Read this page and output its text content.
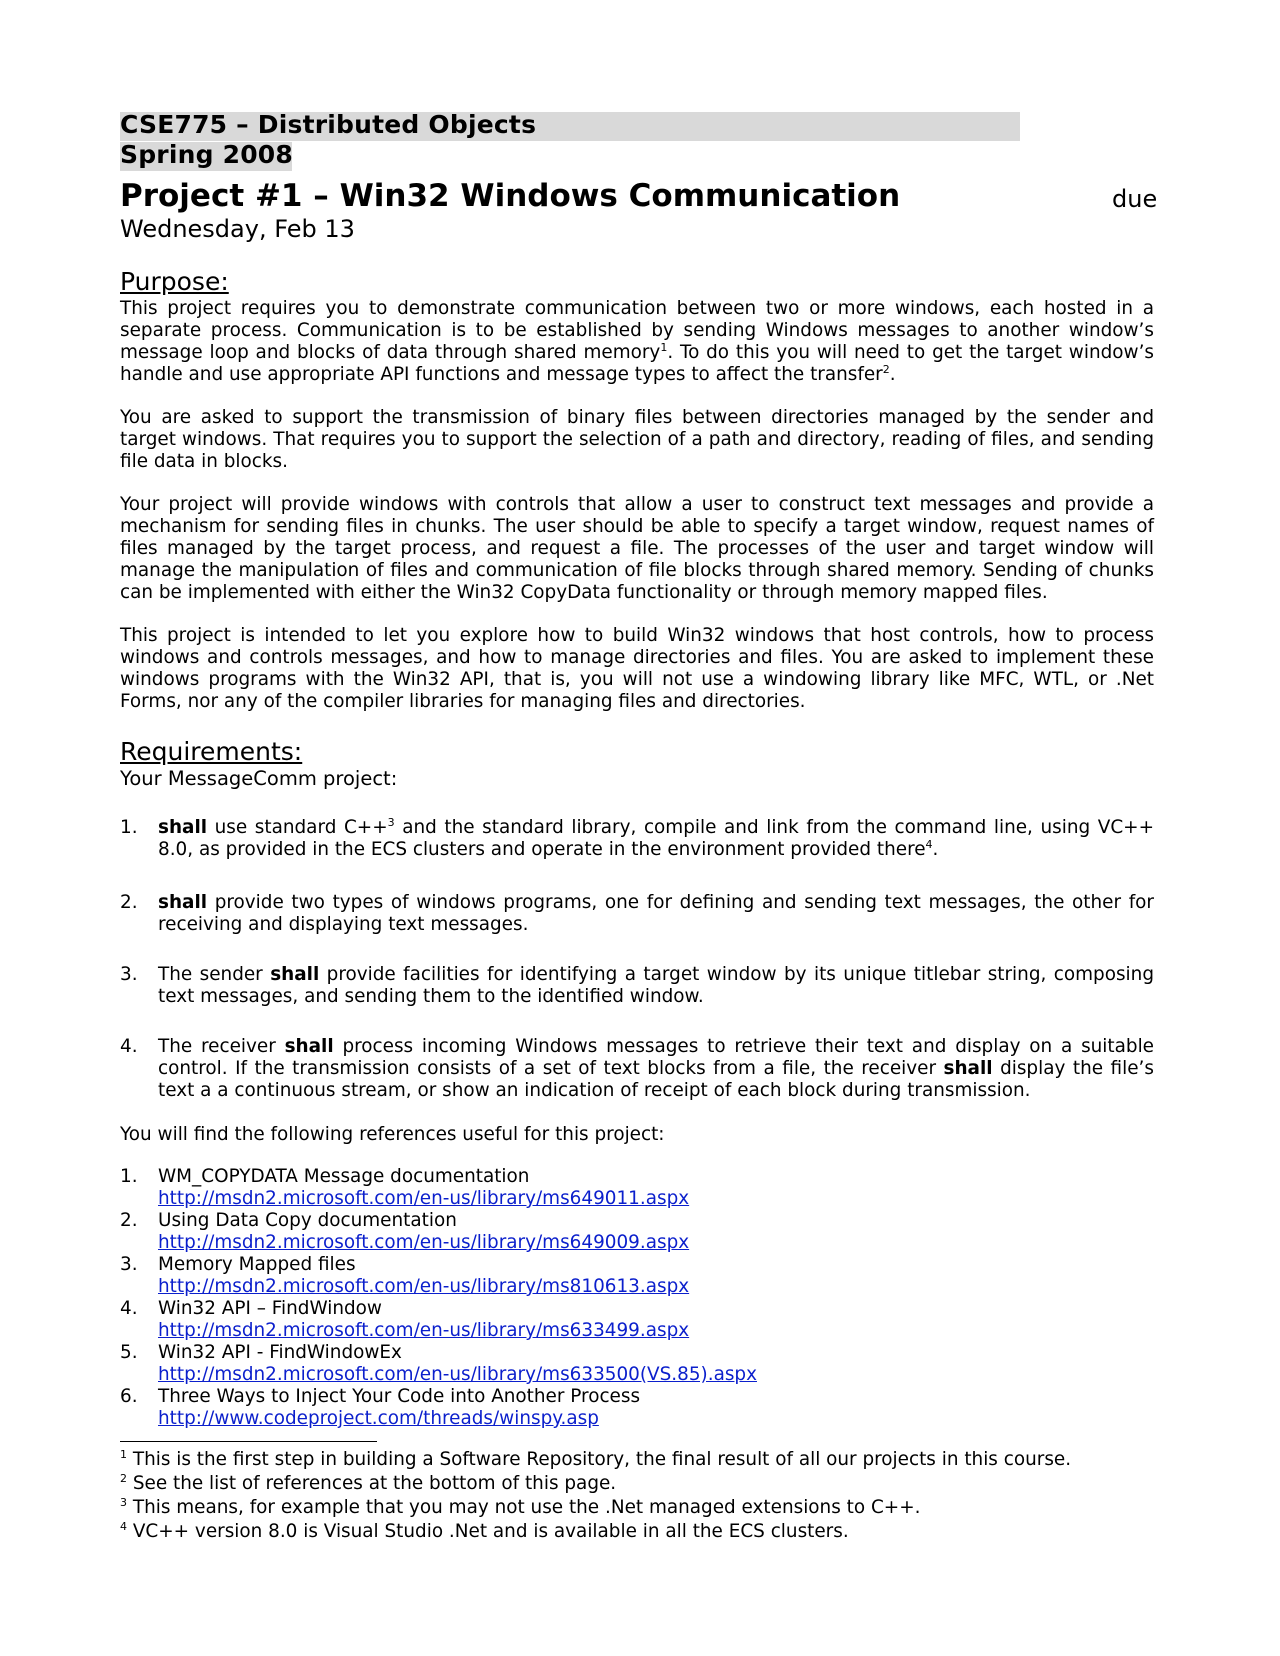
CSE775 – Distributed Objects
Spring 2008
Project #1 – Win32 Windows Communication	due
Wednesday, Feb 13
Purpose:
This project requires you to demonstrate communication between two or more windows, each hosted in a separate process. Communication is to be established by sending Windows messages to another window’s message loop and blocks of data through shared memory$^1$. To do this you will need to get the target window’s handle and use appropriate API functions and message types to affect the transfer$^2$.
You are asked to support the transmission of binary files between directories managed by the sender and target windows. That requires you to support the selection of a path and directory, reading of files, and sending file data in blocks.
Your project will provide windows with controls that allow a user to construct text messages and provide a mechanism for sending files in chunks. The user should be able to specify a target window, request names of files managed by the target process, and request a file. The processes of the user and target window will manage the manipulation of files and communication of file blocks through shared memory. Sending of chunks can be implemented with either the Win32 CopyData functionality or through memory mapped files.
This project is intended to let you explore how to build Win32 windows that host controls, how to process windows and controls messages, and how to manage directories and files. You are asked to implement these windows programs with the Win32 API, that is, you will not use a windowing library like MFC, WTL, or .Net Forms, nor any of the compiler libraries for managing files and directories.
Requirements:
Your MessageComm project:
1. shall use standard C++$^3$ and the standard library, compile and link from the command line, using VC++ 8.0, as provided in the ECS clusters and operate in the environment provided there$^4$.
2. shall provide two types of windows programs, one for defining and sending text messages, the other for receiving and displaying text messages.
3. The sender shall provide facilities for identifying a target window by its unique titlebar string, composing text messages, and sending them to the identified window.
4. The receiver shall process incoming Windows messages to retrieve their text and display on a suitable control. If the transmission consists of a set of text blocks from a file, the receiver shall display the file’s text a a continuous stream, or show an indication of receipt of each block during transmission.
You will find the following references useful for this project:
1. WM_COPYDATA Message documentation
http://msdn2.microsoft.com/en-us/library/ms649011.aspx
2. Using Data Copy documentation
http://msdn2.microsoft.com/en-us/library/ms649009.aspx
3. Memory Mapped files
http://msdn2.microsoft.com/en-us/library/ms810613.aspx
4. Win32 API – FindWindow
http://msdn2.microsoft.com/en-us/library/ms633499.aspx
5. Win32 API - FindWindowEx
http://msdn2.microsoft.com/en-us/library/ms633500(VS.85).aspx
6. Three Ways to Inject Your Code into Another Process
http://www.codeproject.com/threads/winspy.asp
$^1$ This is the first step in building a Software Repository, the final result of all our projects in this course.
$^2$ See the list of references at the bottom of this page.
$^3$ This means, for example that you may not use the .Net managed extensions to C++.
$^4$ VC++ version 8.0 is Visual Studio .Net and is available in all the ECS clusters.
